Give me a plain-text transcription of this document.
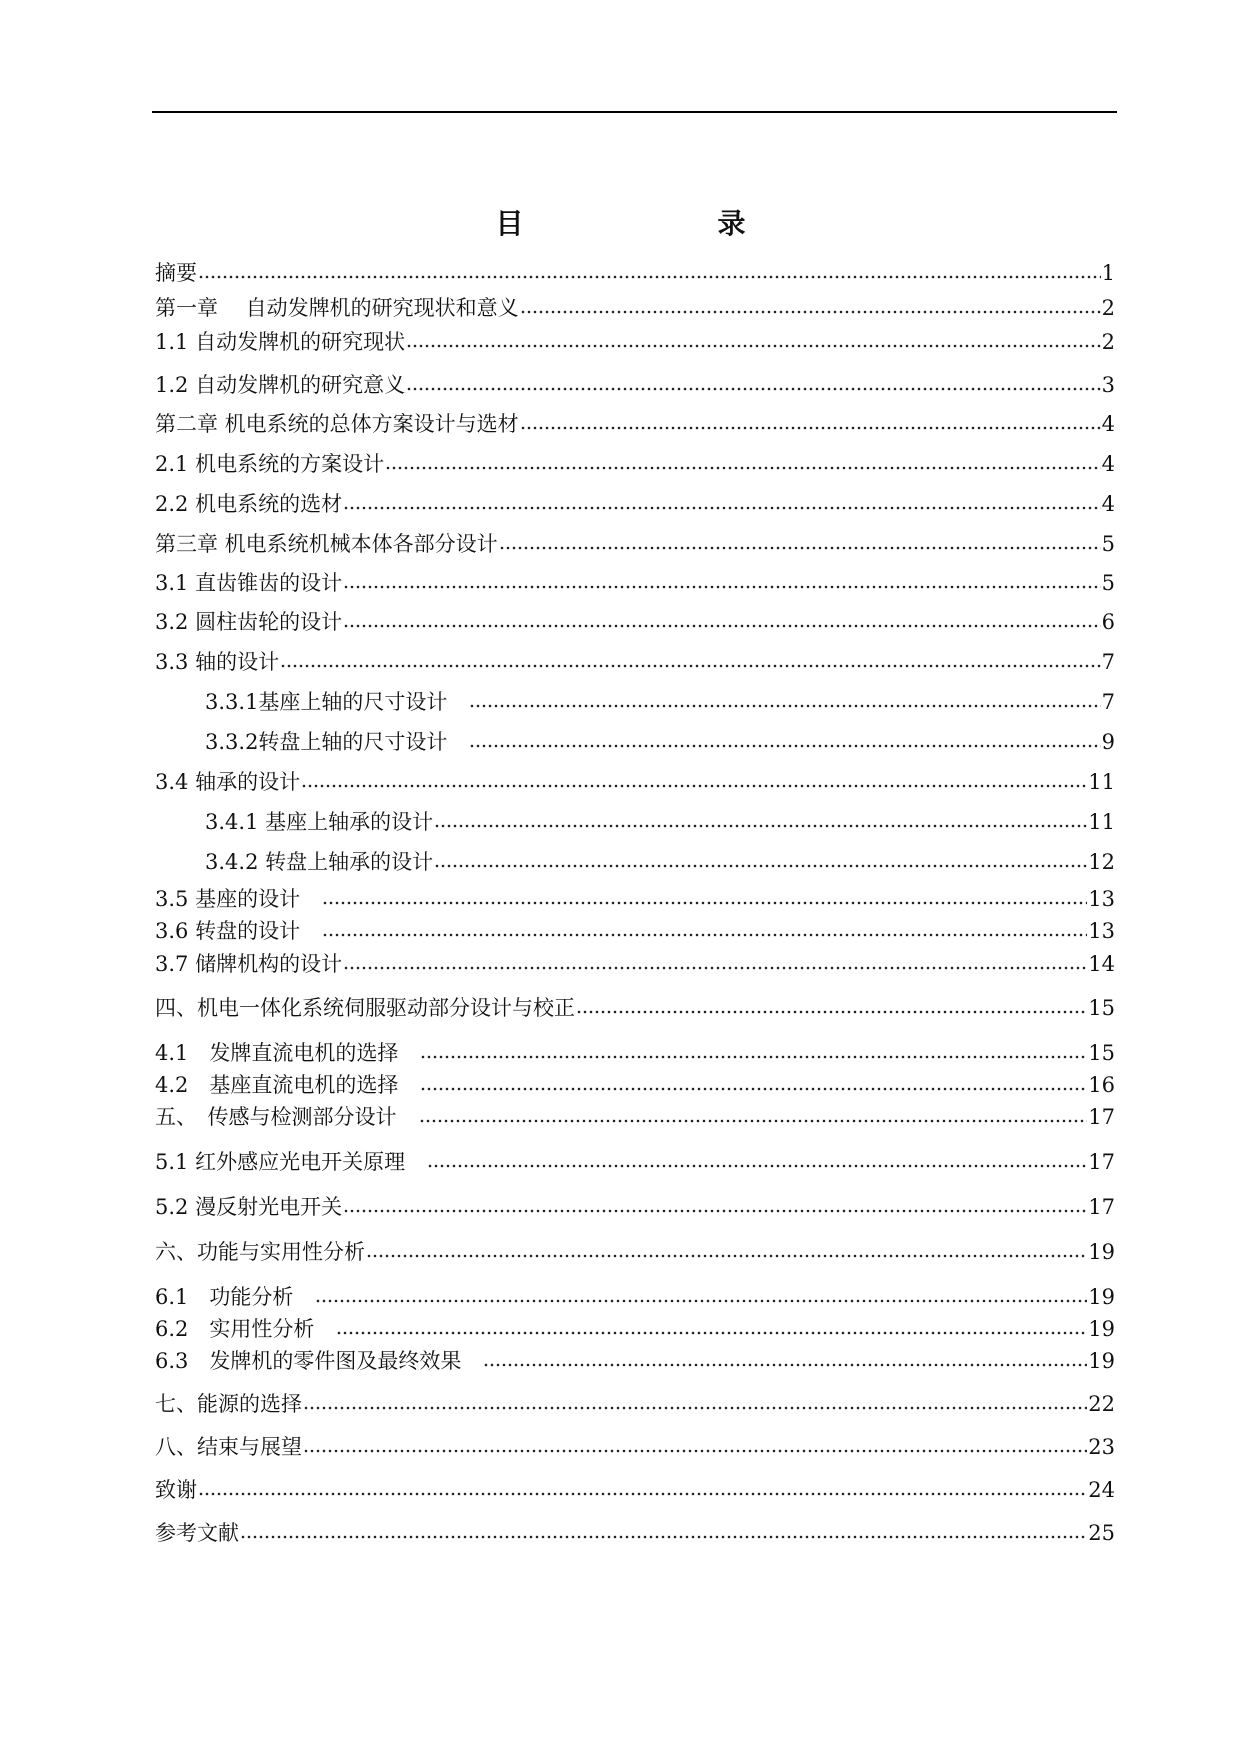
目　　录
摘要	1
第一章　 自动发牌机的研究现状和意义	2
1.1 自动发牌机的研究现状	2
1.2 自动发牌机的研究意义	3
第二章 机电系统的总体方案设计与选材	4
2.1 机电系统的方案设计	4
2.2 机电系统的选材	4
第三章 机电系统机械本体各部分设计	5
3.1 直齿锥齿的设计	5
3.2 圆柱齿轮的设计	6
3.3 轴的设计	7
3.3.1基座上轴的尺寸设计　	7
3.3.2转盘上轴的尺寸设计　	9
3.4 轴承的设计	11
3.4.1 基座上轴承的设计	11
3.4.2 转盘上轴承的设计	12
3.5 基座的设计　	13
3.6 转盘的设计　	13
3.7 储牌机构的设计	14
四、机电一体化系统伺服驱动部分设计与校正	15
4.1　发牌直流电机的选择　	15
4.2　基座直流电机的选择　	16
五、　传感与检测部分设计　	17
5.1 红外感应光电开关原理　	17
5.2 漫反射光电开关	17
六、功能与实用性分析	19
6.1　功能分析　	19
6.2　实用性分析　	19
6.3　发牌机的零件图及最终效果　	19
七、能源的选择	22
八、结束与展望	23
致谢	24
参考文献	25
